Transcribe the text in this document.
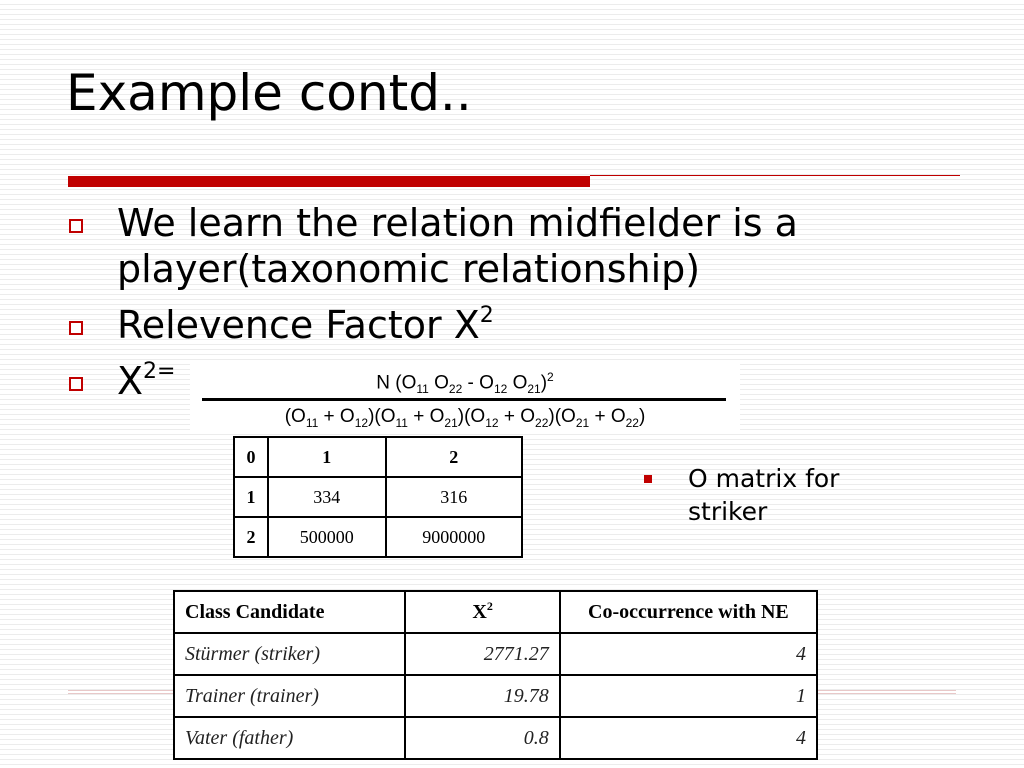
Example contd..
We learn the relation midfielder is a player(taxonomic relationship)
Relevence Factor $X^2$
$X^{2=}$	N ($O_{11}$ $O_{22} - O_{12}$ $O_{21})^2$
$(O_{11} + O_{12})(O_{11} + O_{21})(O_{12} + O_{22})(O_{21} + O_{22})$
0	1	2
1	334	316
2	500000	9000000
O matrix for striker
Class Candidate	$X^2$	Co-occurrence with NE
Stürmer (striker)	2771.27	4
Trainer (trainer)	19.78	1
Vater (father)	0.8	4
